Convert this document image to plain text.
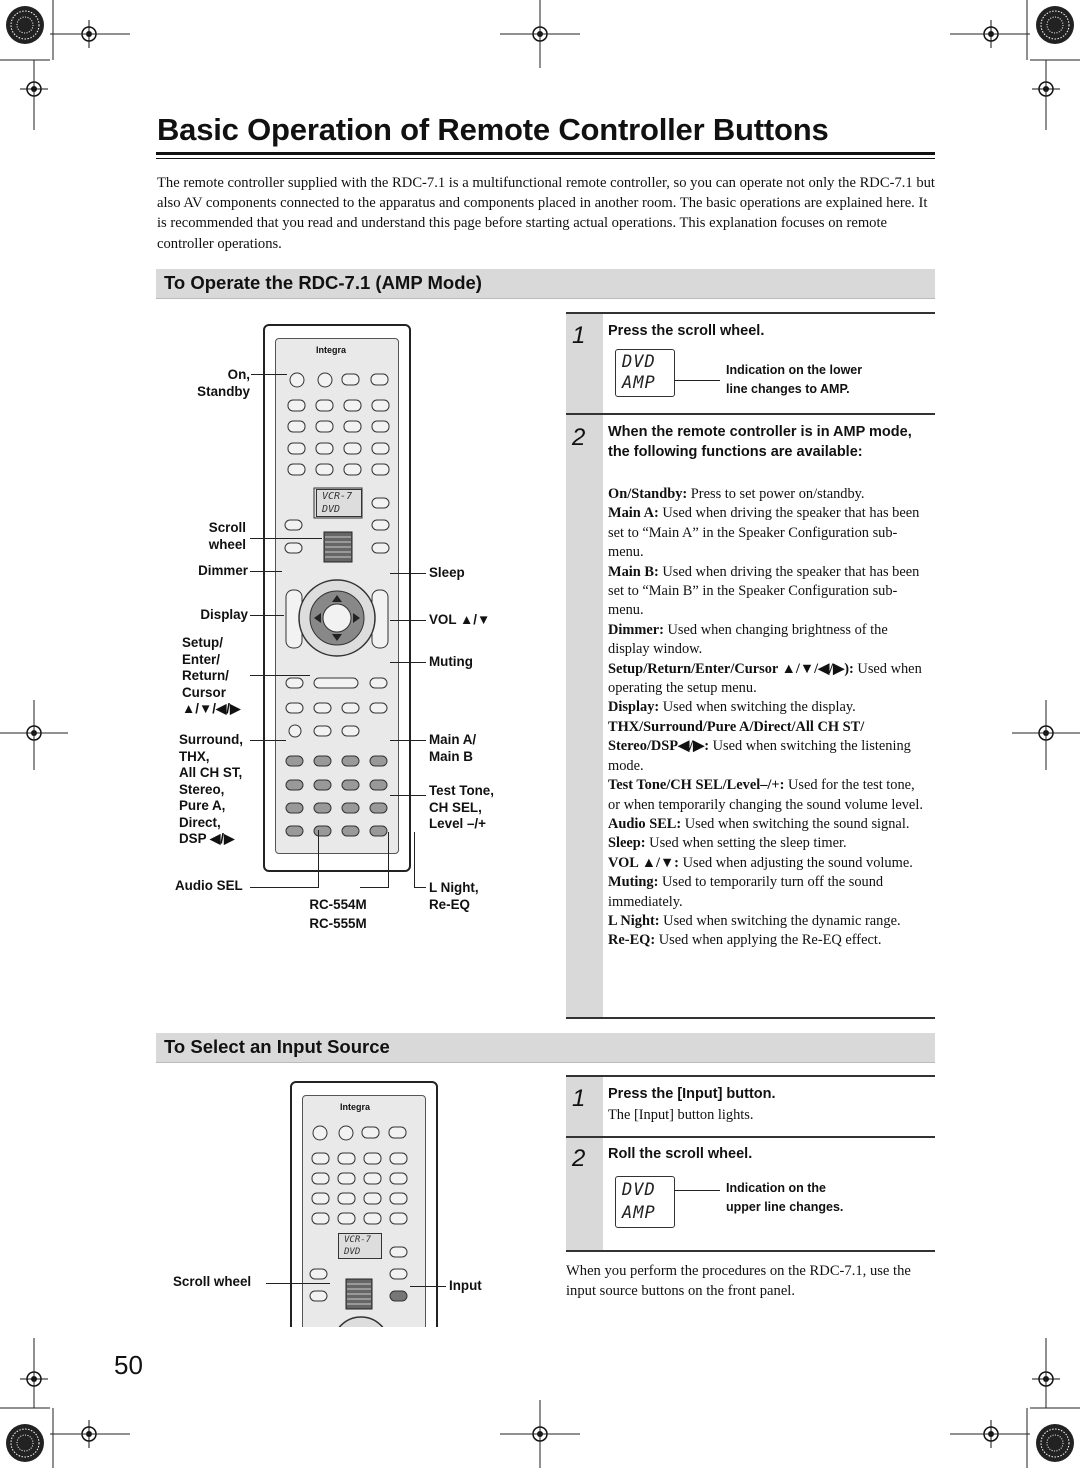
Basic Operation of Remote Controller Buttons

The remote controller supplied with the RDC-7.1 is a multifunctional remote controller, so you can operate not only the RDC-7.1 but also AV components connected to the apparatus and components placed in another room. The basic operations are explained here. It is recommended that you read and understand this page before starting actual operations. This explanation focuses on remote controller operations.

To Operate the RDC-7.1 (AMP Mode)
Integra
VCR-7
DVD
On,
Standby
Scroll
wheel
Dimmer
Display
Setup/
Enter/
Return/
Cursor
▲/▼/◀/▶
Surround,
THX,
All CH ST,
Stereo,
Pure A,
Direct,
DSP ◀/▶
Audio SEL
RC-554M
RC-555M
Sleep
VOL ▲/▼
Muting
Main A/
Main B
Test Tone,
CH SEL,
Level –/+
L Night,
Re-EQ
1 Press the scroll wheel.
DVD
AMP
Indication on the lower
line changes to AMP.
2 When the remote controller is in AMP mode, the following functions are available:
On/Standby: Press to set power on/standby.
Main A: Used when driving the speaker that has been set to “Main A” in the Speaker Configuration sub-menu.
Main B: Used when driving the speaker that has been set to “Main B” in the Speaker Configuration sub-menu.
Dimmer: Used when changing brightness of the display window.
Setup/Return/Enter/Cursor ▲/▼/◀/▶): Used when operating the setup menu.
Display: Used when switching the display.
THX/Surround/Pure A/Direct/All CH ST/ Stereo/DSP◀/▶: Used when switching the listening mode.
Test Tone/CH SEL/Level–/+: Used for the test tone, or when temporarily changing the sound volume level.
Audio SEL: Used when switching the sound signal.
Sleep: Used when setting the sleep timer.
VOL ▲/▼: Used when adjusting the sound volume.
Muting: Used to temporarily turn off the sound immediately.
L Night: Used when switching the dynamic range.
Re-EQ: Used when applying the Re-EQ effect.
To Select an Input Source
Integra
VCR-7
DVD
Scroll wheel	Input
1 Press the [Input] button.
The [Input] button lights.
2 Roll the scroll wheel.
DVD
AMP
Indication on the
upper line changes.

When you perform the procedures on the RDC-7.1, use the input source buttons on the front panel.

50
